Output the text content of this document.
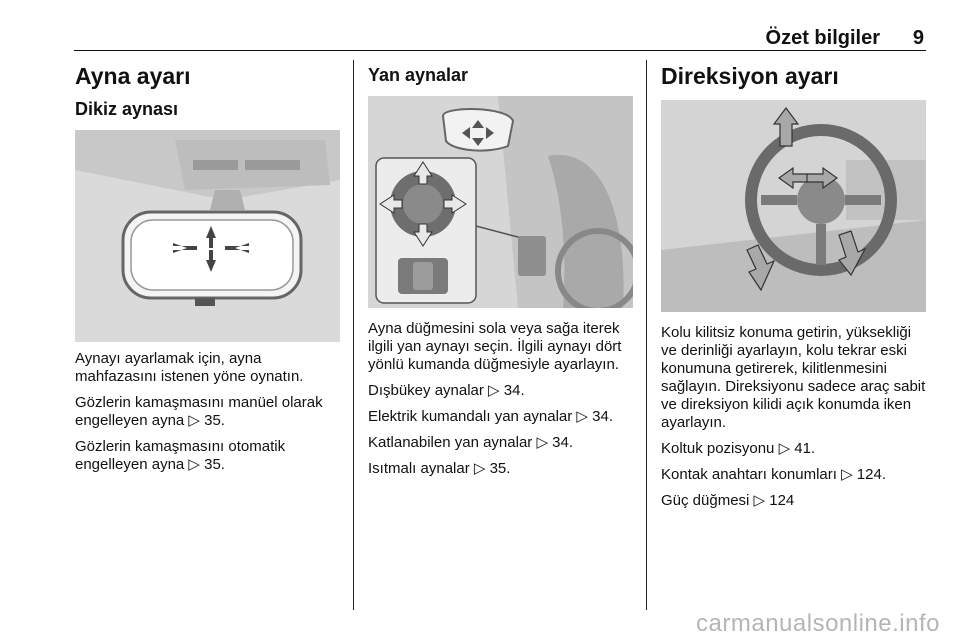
Özet bilgiler	9
Ayna ayarı
Dikiz aynası

Aynayı ayarlamak için, ayna mahfazasını istenen yöne oynatın.

Gözlerin kamaşmasını manüel olarak engelleyen ayna ▷ 35.

Gözlerin kamaşmasını otomatik engelleyen ayna ▷ 35.

Yan aynalar

Ayna düğmesini sola veya sağa iterek ilgili yan aynayı seçin. İlgili aynayı dört yönlü kumanda düğmesiyle ayarlayın.

Dışbükey aynalar ▷ 34.

Elektrik kumandalı yan aynalar ▷ 34.

Katlanabilen yan aynalar ▷ 34.

Isıtmalı aynalar ▷ 35.

Direksiyon ayarı

Kolu kilitsiz konuma getirin, yüksekliği ve derinliği ayarlayın, kolu tekrar eski konumuna getirerek, kilitlenmesini sağlayın. Direksiyonu sadece araç sabit ve direksiyon kilidi açık konumda iken ayarlayın.

Koltuk pozisyonu ▷ 41.

Kontak anahtarı konumları ▷ 124.

Güç düğmesi ▷ 124

carmanualsonline.info
